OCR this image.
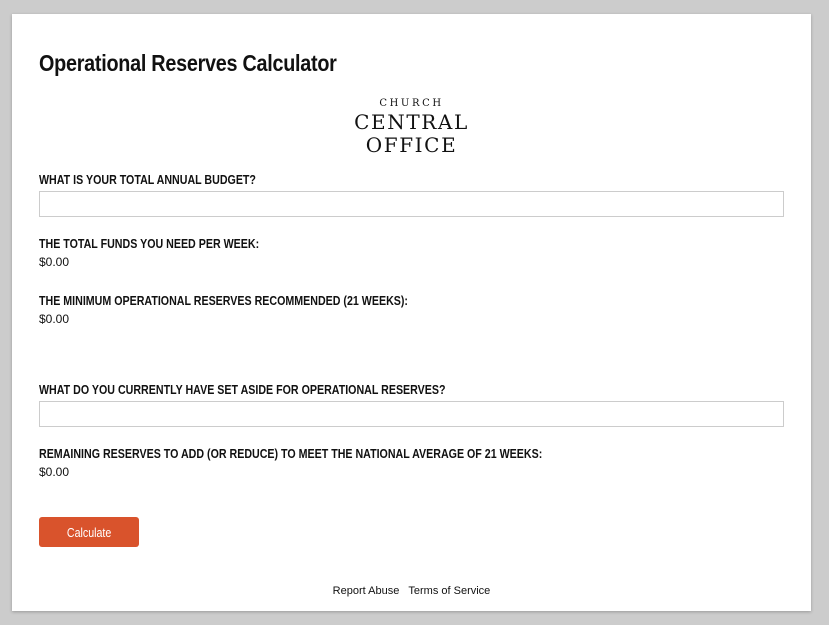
Operational Reserves Calculator
CHURCH
CENTRAL
OFFICE

WHAT IS YOUR TOTAL ANNUAL BUDGET?

THE TOTAL FUNDS YOU NEED PER WEEK:

$0.00

THE MINIMUM OPERATIONAL RESERVES RECOMMENDED (21 WEEKS):

$0.00

WHAT DO YOU CURRENTLY HAVE SET ASIDE FOR OPERATIONAL RESERVES?

REMAINING RESERVES TO ADD (OR REDUCE) TO MEET THE NATIONAL AVERAGE OF 21 WEEKS:

$0.00
Calculate
Report Abuse Terms of Service
